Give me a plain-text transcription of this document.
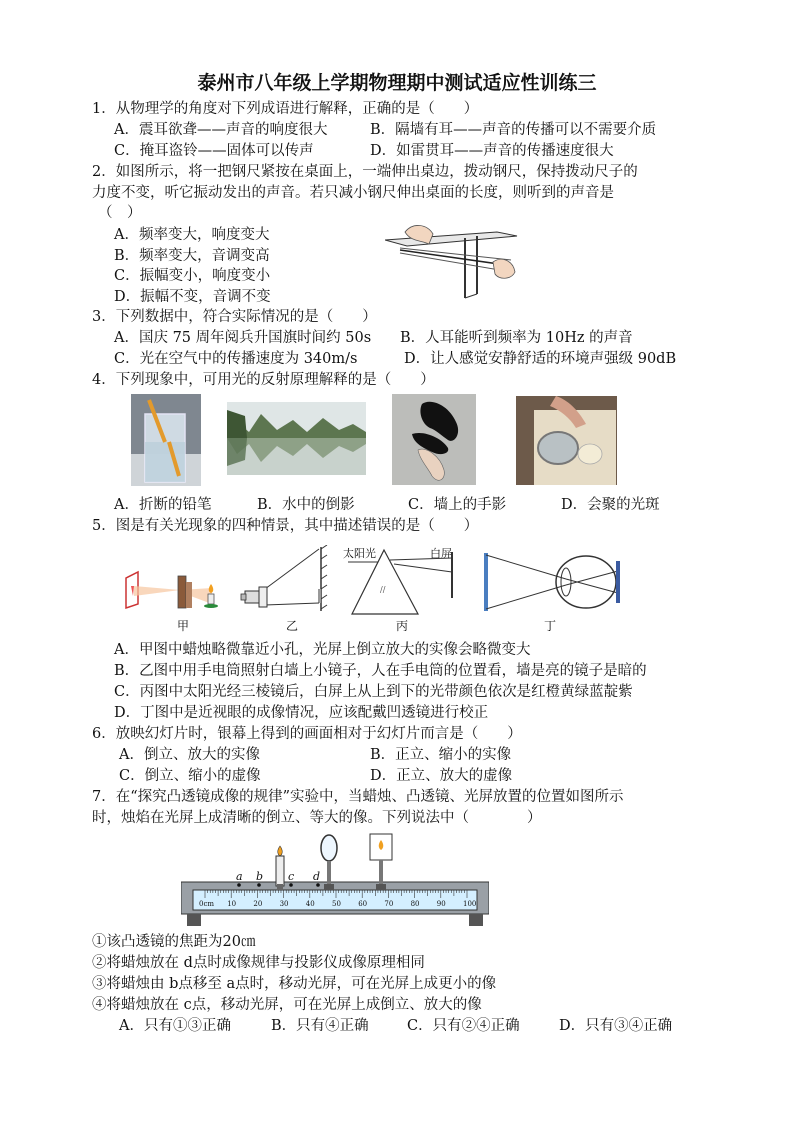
泰州市八年级上学期物理期中测试适应性训练三
1．从物理学的角度对下列成语进行解释，正确的是（　　）
A．震耳欲聋——声音的响度很大	B．隔墙有耳——声音的传播可以不需要介质
C．掩耳盗铃——固体可以传声	D．如雷贯耳——声音的传播速度很大
2．如图所示，将一把钢尺紧按在桌面上，一端伸出桌边，拨动钢尺，保持拨动尺子的
力度不变，听它振动发出的声音。若只减小钢尺伸出桌面的长度，则听到的声音是
（　）
A．频率变大，响度变大
B．频率变大，音调变高
C．振幅变小，响度变小
D．振幅不变，音调不变
3．下列数据中，符合实际情况的是（　　）
A．国庆 75 周年阅兵升国旗时间约 50s B．人耳能听到频率为 10Hz 的声音
C．光在空气中的传播速度为 340m/s	D．让人感觉安静舒适的环境声强级 90dB
4．下列现象中，可用光的反射原理解释的是（　　）
A．折断的铅笔	B．水中的倒影	C．墙上的手影	D．会聚的光斑
5．图是有关光现象的四种情景，其中描述错误的是（　　）
//
太阳光	白屏
甲	乙	丙	丁
A．甲图中蜡烛略微靠近小孔，光屏上倒立放大的实像会略微变大
B．乙图中用手电筒照射白墙上小镜子，人在手电筒的位置看，墙是亮的镜子是暗的
C．丙图中太阳光经三棱镜后，白屏上从上到下的光带颜色依次是红橙黄绿蓝靛紫
D．丁图中是近视眼的成像情况，应该配戴凹透镜进行校正
6．放映幻灯片时，银幕上得到的画面相对于幻灯片而言是（　　）
A．倒立、放大的实像	B．正立、缩小的实像
C．倒立、缩小的虚像	D．正立、放大的虚像
7．在“探究凸透镜成像的规律”实验中，当蜡烛、凸透镜、光屏放置的位置如图所示
时，烛焰在光屏上成清晰的倒立、等大的像。下列说法中（　　　　）
a b c d
0cm 10 20 30 40 50 60 70 80 90 100
①该凸透镜的焦距为20㎝
②将蜡烛放在 d点时成像规律与投影仪成像原理相同
③将蜡烛由 b点移至 a点时，移动光屏，可在光屏上成更小的像
④将蜡烛放在 c点，移动光屏，可在光屏上成倒立、放大的像
A．只有①③正确	B．只有④正确	C．只有②④正确	D．只有③④正确
